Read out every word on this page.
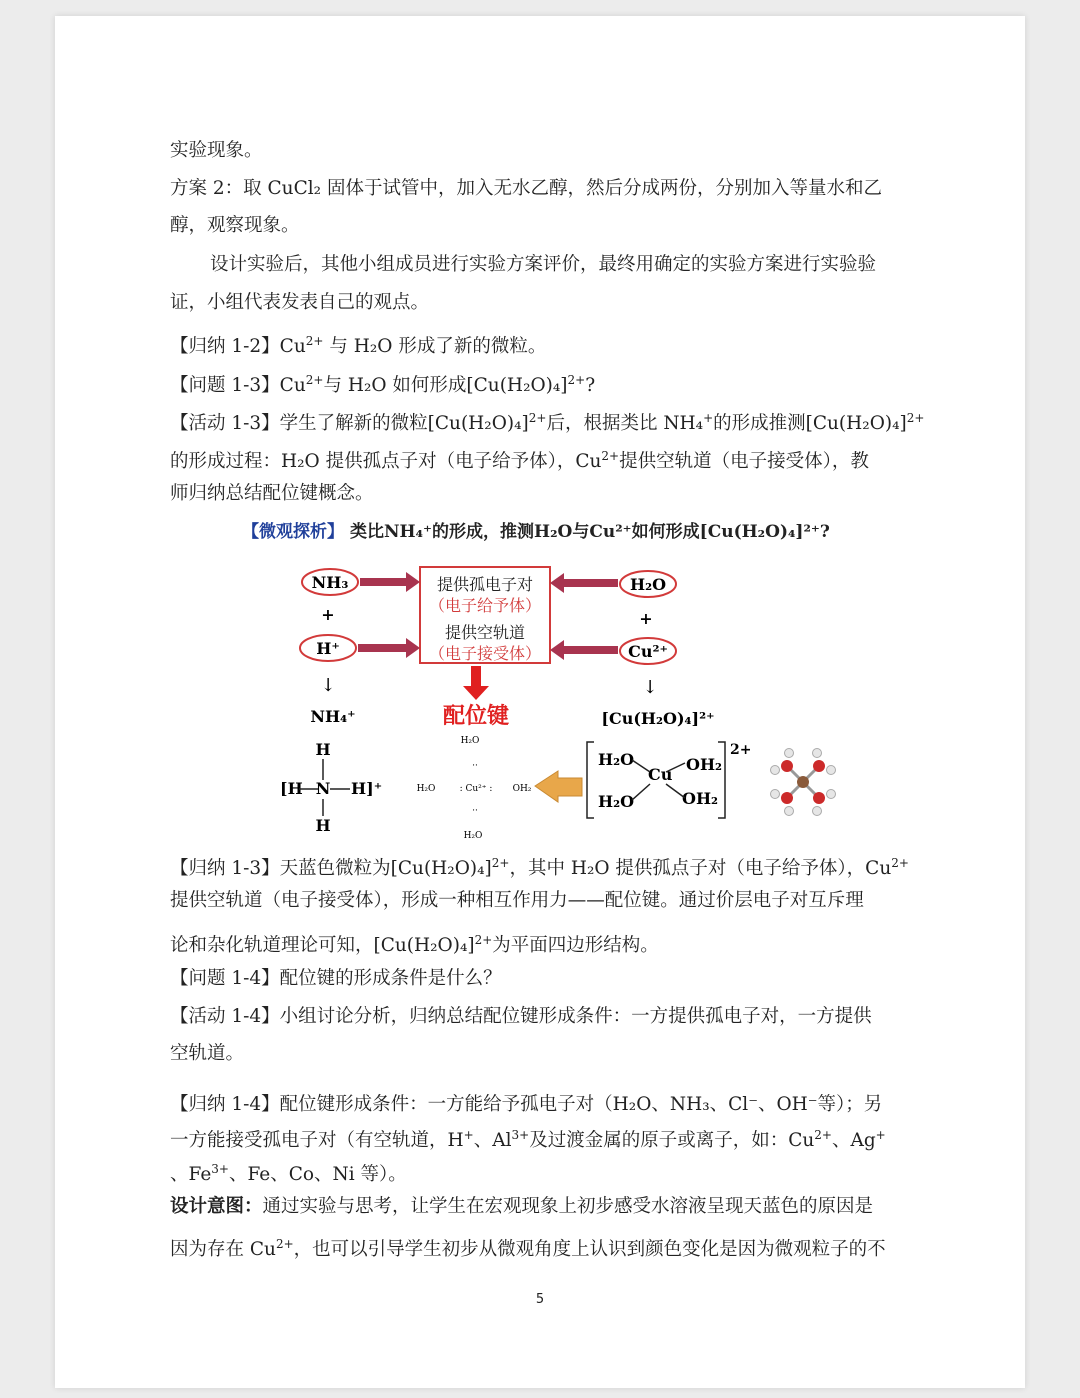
实验现象。
方案 2：取 CuCl₂ 固体于试管中，加入无水乙醇，然后分成两份，分别加入等量水和乙
醇，观察现象。
设计实验后，其他小组成员进行实验方案评价，最终用确定的实验方案进行实验验
证，小组代表发表自己的观点。
【归纳 1-2】$Cu^{2+}$ 与 H₂O 形成了新的微粒。
【问题 1-3】$Cu^{2+}$与 H₂O 如何形成$[Cu(H_2O)_4]^{2+}$?
【活动 1-3】学生了解新的微粒$[Cu(H_2O)_4]^{2+}$后，根据类比 NH₄+的形成推测$[Cu(H_2O)_4]^{2+}$
的形成过程：H₂O 提供孤点子对（电子给予体），$Cu^{2+}$提供空轨道（电子接受体），教
师归纳总结配位键概念。
【微观探析】 类比NH₄⁺的形成，推测H₂O与Cu²⁺如何形成[Cu(H₂O)₄]²⁺?
NH₃
+
H⁺
H₂O
+
Cu²⁺
提供孤电子对
（电子给予体）
提供空轨道
（电子接受体）
配位键
↓	↓
NH₄⁺	[Cu(H₂O)₄]²⁺
H
[H N H]⁺
H
H₂O
··
H₂O	: Cu²⁺ : OH₂
··
H₂O
H₂O
H₂O
Cu
OH₂
OH₂
2+
【归纳 1-3】天蓝色微粒为$[Cu(H_2O)_4]^{2+}$，其中 H₂O 提供孤点子对（电子给予体），$Cu^{2+}$
提供空轨道（电子接受体），形成一种相互作用力——配位键。通过价层电子对互斥理
论和杂化轨道理论可知，$[Cu(H_2O)_4]^{2+}$为平面四边形结构。
【问题 1-4】配位键的形成条件是什么？
【活动 1-4】小组讨论分析，归纳总结配位键形成条件：一方提供孤电子对，一方提供
空轨道。
【归纳 1-4】配位键形成条件：一方能给予孤电子对（H₂O、NH₃、Cl⁻、OH⁻等）；另
一方能接受孤电子对（有空轨道，H+、$Al^{3+}$及过渡金属的原子或离子，如：$Cu^{2+}$、Ag+
、$Fe^{3+}$、Fe、Co、Ni 等）。
设计意图：通过实验与思考，让学生在宏观现象上初步感受水溶液呈现天蓝色的原因是
因为存在 $Cu^{2+}$，也可以引导学生初步从微观角度上认识到颜色变化是因为微观粒子的不
5
